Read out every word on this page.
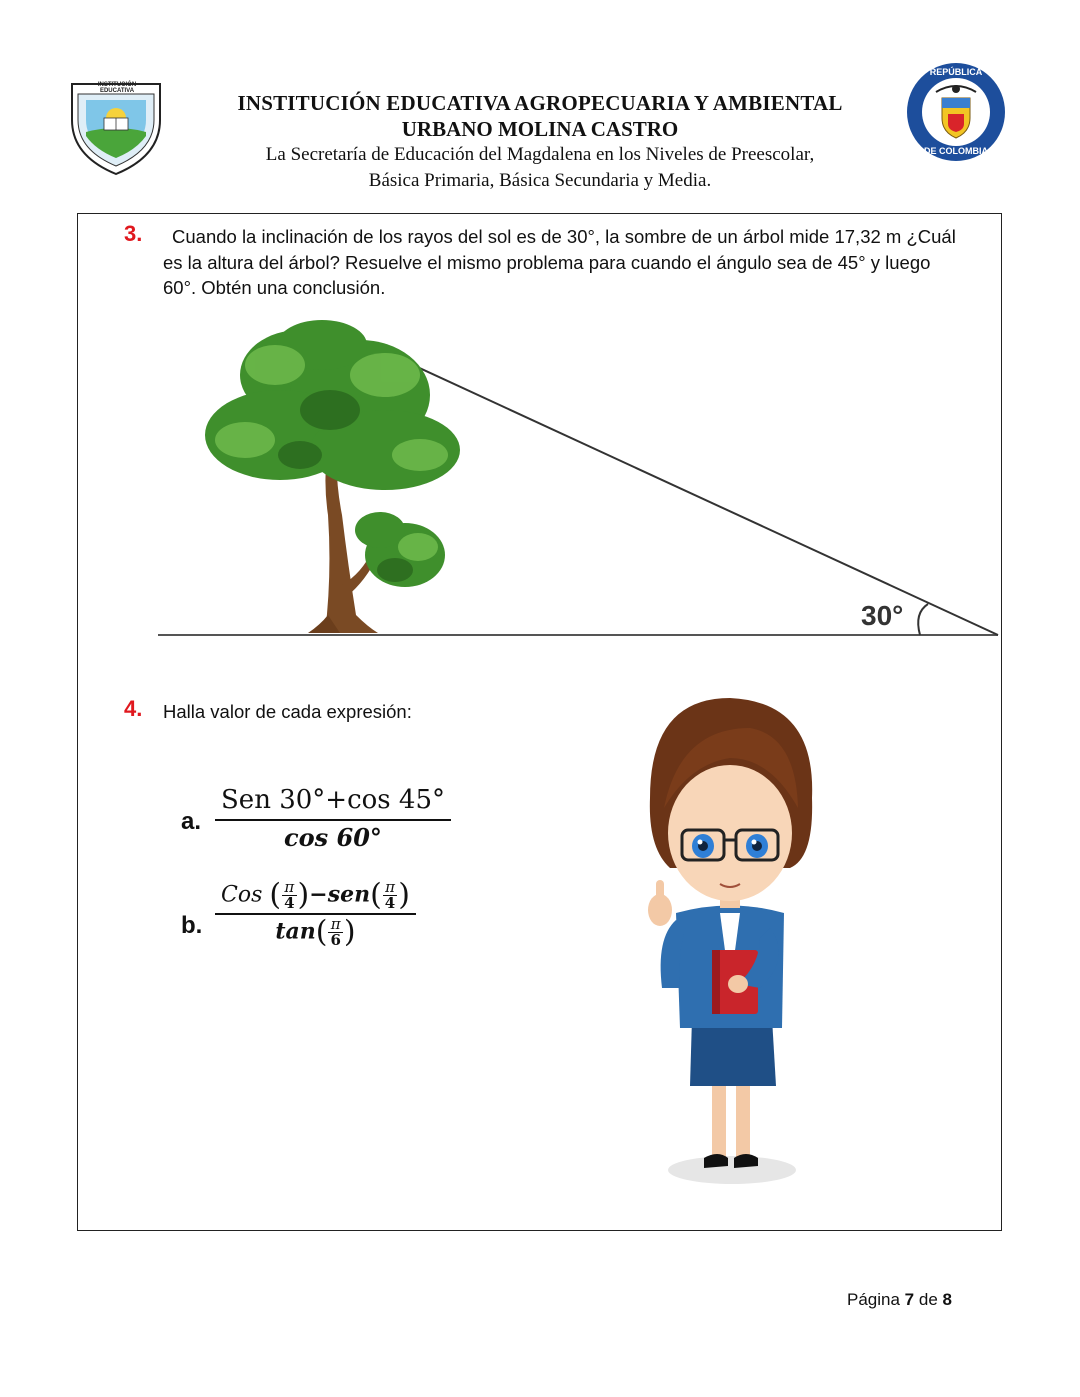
INSTITUCIÓN EDUCATIVA	INSTITUCIÓN EDUCATIVA AGROPECUARIA Y AMBIENTAL
URBANO MOLINA CASTRO
La Secretaría de Educación del Magdalena en los Niveles de Preescolar,
Básica Primaria, Básica Secundaria y Media.
REPÚBLICA
DE COLOMBIA
3.	Cuando la inclinación de los rayos del sol es de 30°, la sombre de un árbol mide 17,32 m ¿Cuál
es la altura del árbol? Resuelve el mismo problema para cuando el ángulo sea de 45° y luego
60°. Obtén una conclusión.
30°
4. Halla valor de cada expresión:
a.
Sen 30°+cos 45°
cos 60°
b.
Cos ( $\frac{\pi}{4} )-sen( \frac{\pi}{4}$ )
$\tan( \frac{\pi}{6}$ )
Página 7 de 8
